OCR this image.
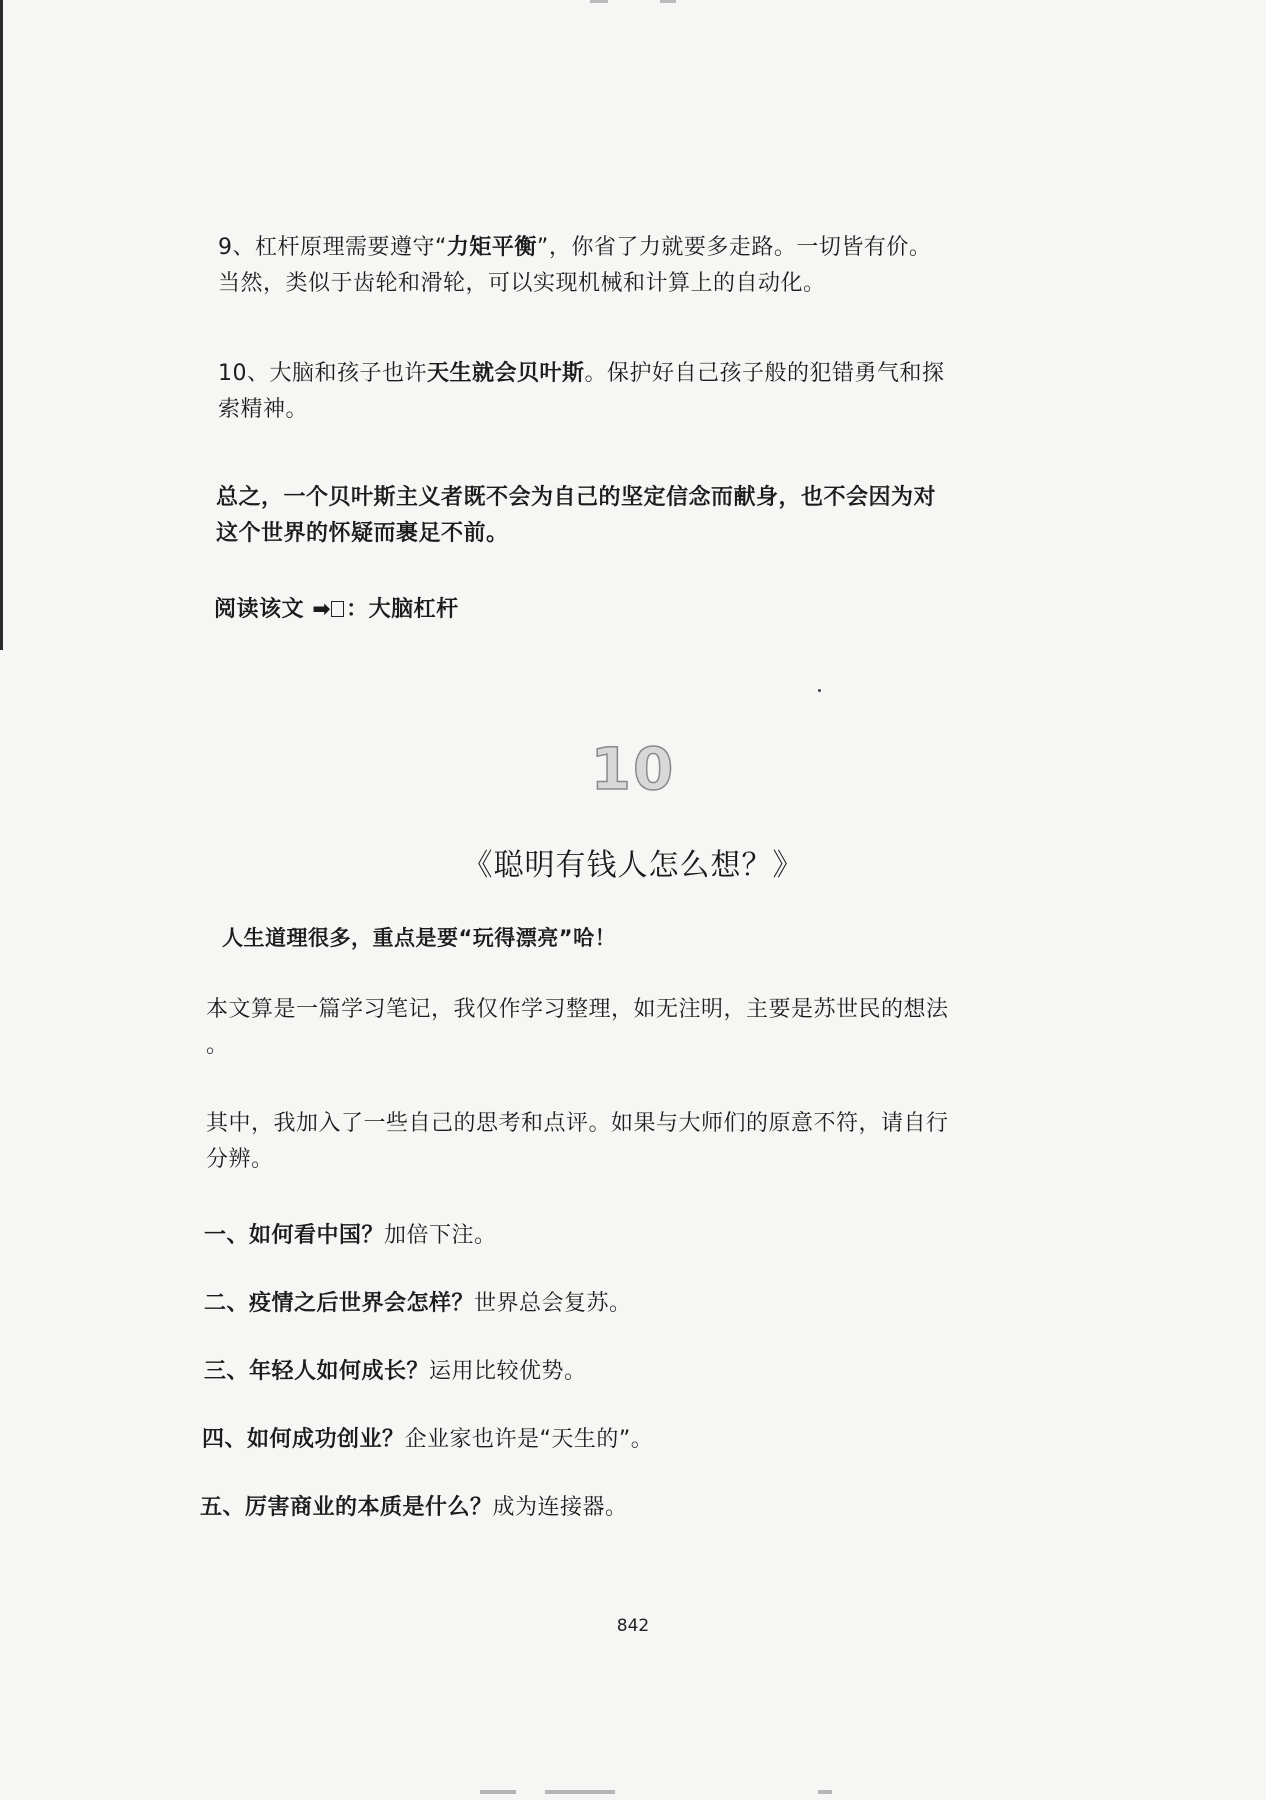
9、杠杆原理需要遵守“力矩平衡”，你省了力就要多走路。一切皆有价。
当然，类似于齿轮和滑轮，可以实现机械和计算上的自动化。

10、大脑和孩子也许天生就会贝叶斯。保护好自己孩子般的犯错勇气和探
索精神。

总之，一个贝叶斯主义者既不会为自己的坚定信念而献身，也不会因为对
这个世界的怀疑而裹足不前。

阅读该文 ➡ ：大脑杠杆

10
《聪明有钱人怎么想？》

人生道理很多，重点是要“玩得漂亮”哈！

本文算是一篇学习笔记，我仅作学习整理，如无注明，主要是苏世民的想法
。

其中，我加入了一些自己的思考和点评。如果与大师们的原意不符，请自行
分辨。

一、如何看中国？加倍下注。

二、疫情之后世界会怎样？世界总会复苏。

三、年轻人如何成长？运用比较优势。

四、如何成功创业？企业家也许是“天生的”。

五、厉害商业的本质是什么？成为连接器。

842
